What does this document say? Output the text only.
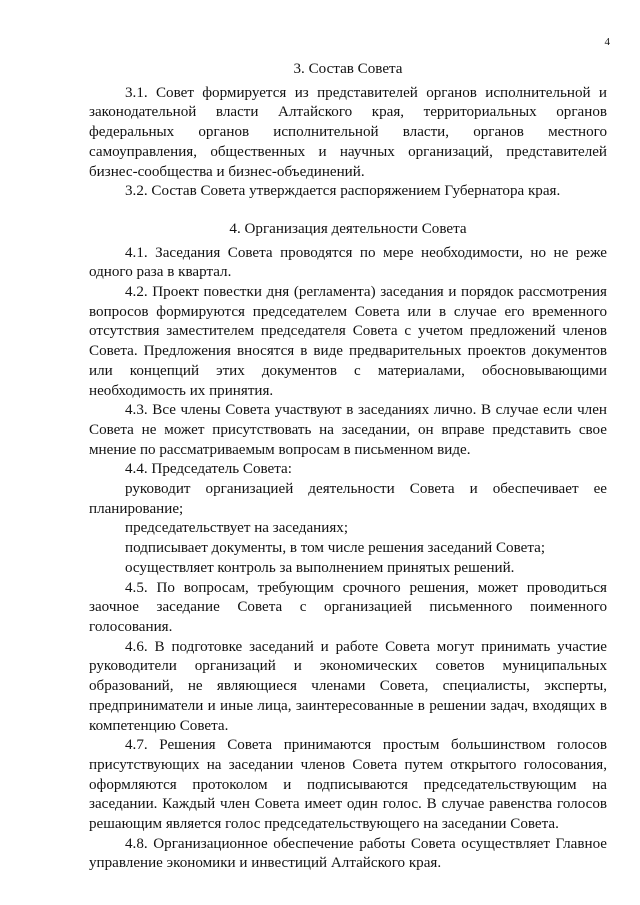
4
3. Состав Совета

3.1. Совет формируется из представителей органов исполнительной и законодательной власти Алтайского края, территориальных органов федеральных органов исполнительной власти, органов местного самоуправления, общественных и научных организаций, представителей бизнес-сообщества и бизнес-объединений.

3.2. Состав Совета утверждается распоряжением Губернатора края.

4. Организация деятельности Совета

4.1. Заседания Совета проводятся по мере необходимости, но не реже одного раза в квартал.

4.2. Проект повестки дня (регламента) заседания и порядок рассмотрения вопросов формируются председателем Совета или в случае его временного отсутствия заместителем председателя Совета с учетом предложений членов Совета. Предложения вносятся в виде предварительных проектов документов или концепций этих документов с материалами, обосновывающими необходимость их принятия.

4.3. Все члены Совета участвуют в заседаниях лично. В случае если член Совета не может присутствовать на заседании, он вправе представить свое мнение по рассматриваемым вопросам в письменном виде.

4.4. Председатель Совета:

руководит организацией деятельности Совета и обеспечивает ее планирование;

председательствует на заседаниях;

подписывает документы, в том числе решения заседаний Совета;

осуществляет контроль за выполнением принятых решений.

4.5. По вопросам, требующим срочного решения, может проводиться заочное заседание Совета с организацией письменного поименного голосования.

4.6. В подготовке заседаний и работе Совета могут принимать участие руководители организаций и экономических советов муниципальных образований, не являющиеся членами Совета, специалисты, эксперты, предприниматели и иные лица, заинтересованные в решении задач, входящих в компетенцию Совета.

4.7. Решения Совета принимаются простым большинством голосов присутствующих на заседании членов Совета путем открытого голосования, оформляются протоколом и подписываются председательствующим на заседании. Каждый член Совета имеет один голос. В случае равенства голосов решающим является голос председательствующего на заседании Совета.

4.8. Организационное обеспечение работы Совета осуществляет Главное управление экономики и инвестиций Алтайского края.
